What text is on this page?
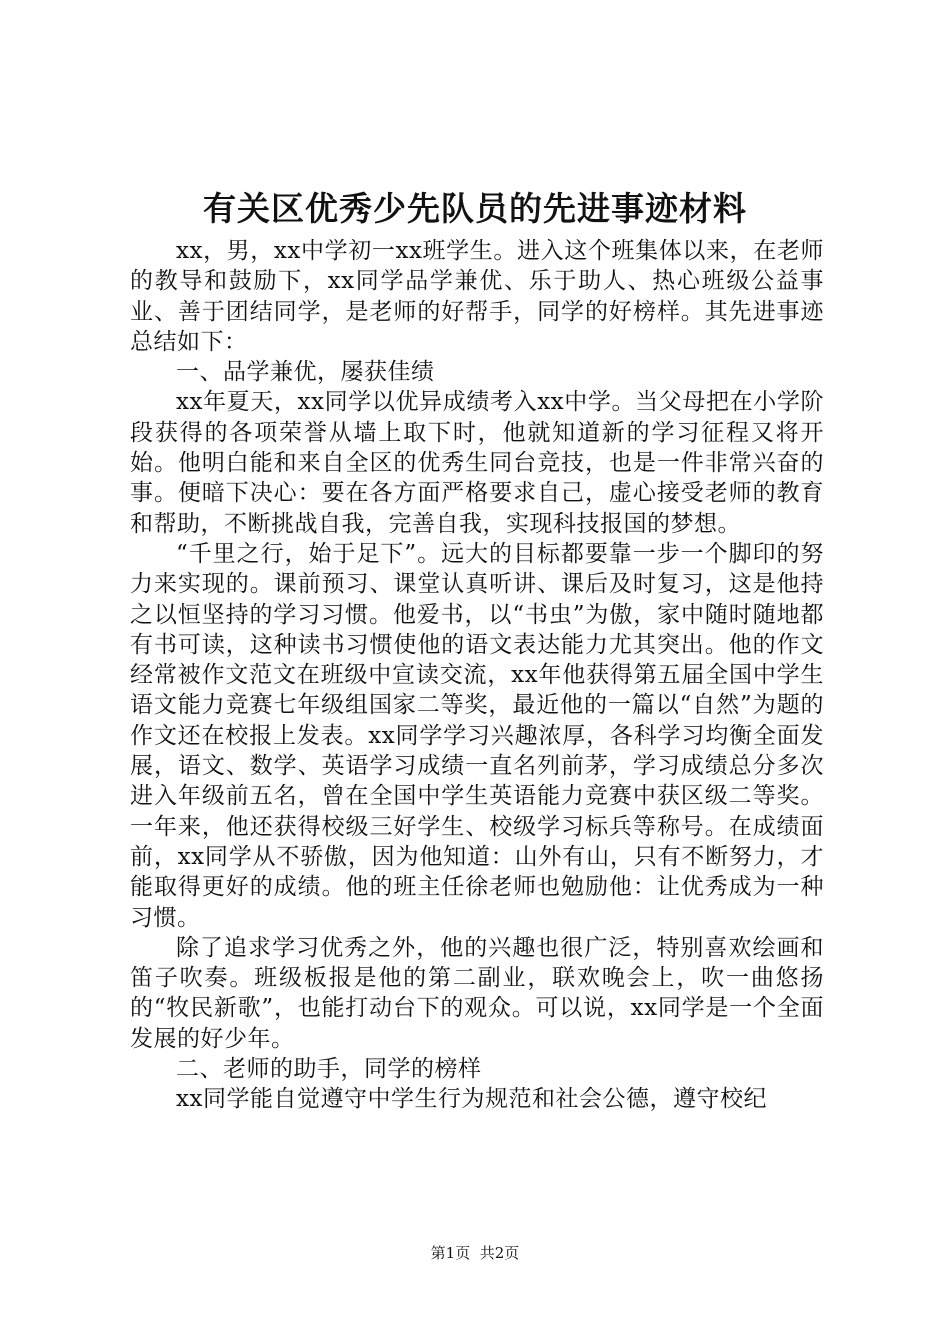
有关区优秀少先队员的先进事迹材料

xx，男，xx中学初一xx班学生。进入这个班集体以来，在老师的教导和鼓励下，xx同学品学兼优、乐于助人、热心班级公益事业、善于团结同学，是老师的好帮手，同学的好榜样。其先进事迹总结如下：

一、品学兼优，屡获佳绩

xx年夏天，xx同学以优异成绩考入xx中学。当父母把在小学阶段获得的各项荣誉从墙上取下时，他就知道新的学习征程又将开始。他明白能和来自全区的优秀生同台竞技，也是一件非常兴奋的事。便暗下决心：要在各方面严格要求自己，虚心接受老师的教育和帮助，不断挑战自我，完善自我，实现科技报国的梦想。

“千里之行，始于足下”。远大的目标都要靠一步一个脚印的努力来实现的。课前预习、课堂认真听讲、课后及时复习，这是他持之以恒坚持的学习习惯。他爱书，以“书虫”为傲，家中随时随地都有书可读，这种读书习惯使他的语文表达能力尤其突出。他的作文经常被作文范文在班级中宣读交流，xx年他获得第五届全国中学生语文能力竞赛七年级组国家二等奖，最近他的一篇以“自然”为题的作文还在校报上发表。xx同学学习兴趣浓厚，各科学习均衡全面发展，语文、数学、英语学习成绩一直名列前茅，学习成绩总分多次进入年级前五名，曾在全国中学生英语能力竞赛中获区级二等奖。一年来，他还获得校级三好学生、校级学习标兵等称号。在成绩面前，xx同学从不骄傲，因为他知道：山外有山，只有不断努力，才能取得更好的成绩。他的班主任徐老师也勉励他：让优秀成为一种习惯。

除了追求学习优秀之外，他的兴趣也很广泛，特别喜欢绘画和笛子吹奏。班级板报是他的第二副业，联欢晚会上，吹一曲悠扬的“牧民新歌”，也能打动台下的观众。可以说，xx同学是一个全面发展的好少年。

二、老师的助手，同学的榜样

xx同学能自觉遵守中学生行为规范和社会公德，遵守校纪

第1页 共2页
